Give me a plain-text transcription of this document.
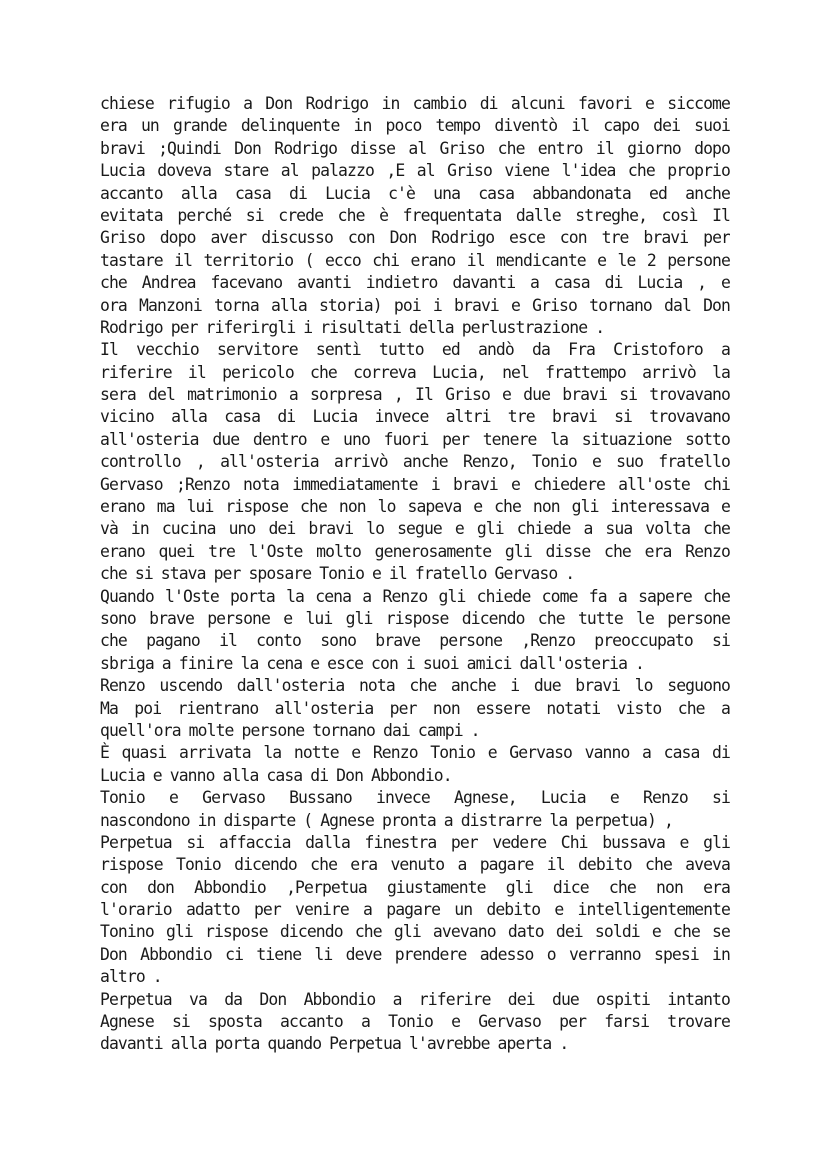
chiese rifugio a Don Rodrigo in cambio di alcuni favori e siccome
era un grande delinquente in poco tempo diventò il capo dei suoi
bravi ;Quindi Don Rodrigo disse al Griso che entro il giorno dopo
Lucia doveva stare al palazzo ,E al Griso viene l'idea che proprio
accanto alla casa di Lucia c'è una casa abbandonata ed anche
evitata perché si crede che è frequentata dalle streghe, così Il
Griso dopo aver discusso con Don Rodrigo esce con tre bravi per
tastare il territorio ( ecco chi erano il mendicante e le 2 persone
che Andrea facevano avanti indietro davanti a casa di Lucia , e
ora Manzoni torna alla storia) poi i bravi e Griso tornano dal Don
Rodrigo per riferirgli i risultati della perlustrazione .
Il vecchio servitore sentì tutto ed andò da Fra Cristoforo a
riferire il pericolo che correva Lucia, nel frattempo arrivò la
sera del matrimonio a sorpresa , Il Griso e due bravi si trovavano
vicino alla casa di Lucia invece altri tre bravi si trovavano
all'osteria due dentro e uno fuori per tenere la situazione sotto
controllo , all'osteria arrivò anche Renzo, Tonio e suo fratello
Gervaso ;Renzo nota immediatamente i bravi e chiedere all'oste chi
erano ma lui rispose che non lo sapeva e che non gli interessava e
và in cucina uno dei bravi lo segue e gli chiede a sua volta che
erano quei tre l'Oste molto generosamente gli disse che era Renzo
che si stava per sposare Tonio e il fratello Gervaso .
Quando l'Oste porta la cena a Renzo gli chiede come fa a sapere che
sono brave persone e lui gli rispose dicendo che tutte le persone
che pagano il conto sono brave persone ,Renzo preoccupato si
sbriga a finire la cena e esce con i suoi amici dall'osteria .
Renzo uscendo dall'osteria nota che anche i due bravi lo seguono
Ma poi rientrano all'osteria per non essere notati visto che a
quell'ora molte persone tornano dai campi .
È quasi arrivata la notte e Renzo Tonio e Gervaso vanno a casa di
Lucia e vanno alla casa di Don Abbondio.
Tonio e Gervaso Bussano invece Agnese, Lucia e Renzo si
nascondono in disparte ( Agnese pronta a distrarre la perpetua) ,
Perpetua si affaccia dalla finestra per vedere Chi bussava e gli
rispose Tonio dicendo che era venuto a pagare il debito che aveva
con don Abbondio ,Perpetua giustamente gli dice che non era
l'orario adatto per venire a pagare un debito e intelligentemente
Tonino gli rispose dicendo che gli avevano dato dei soldi e che se
Don Abbondio ci tiene li deve prendere adesso o verranno spesi in
altro .
Perpetua va da Don Abbondio a riferire dei due ospiti intanto
Agnese si sposta accanto a Tonio e Gervaso per farsi trovare
davanti alla porta quando Perpetua l'avrebbe aperta .
